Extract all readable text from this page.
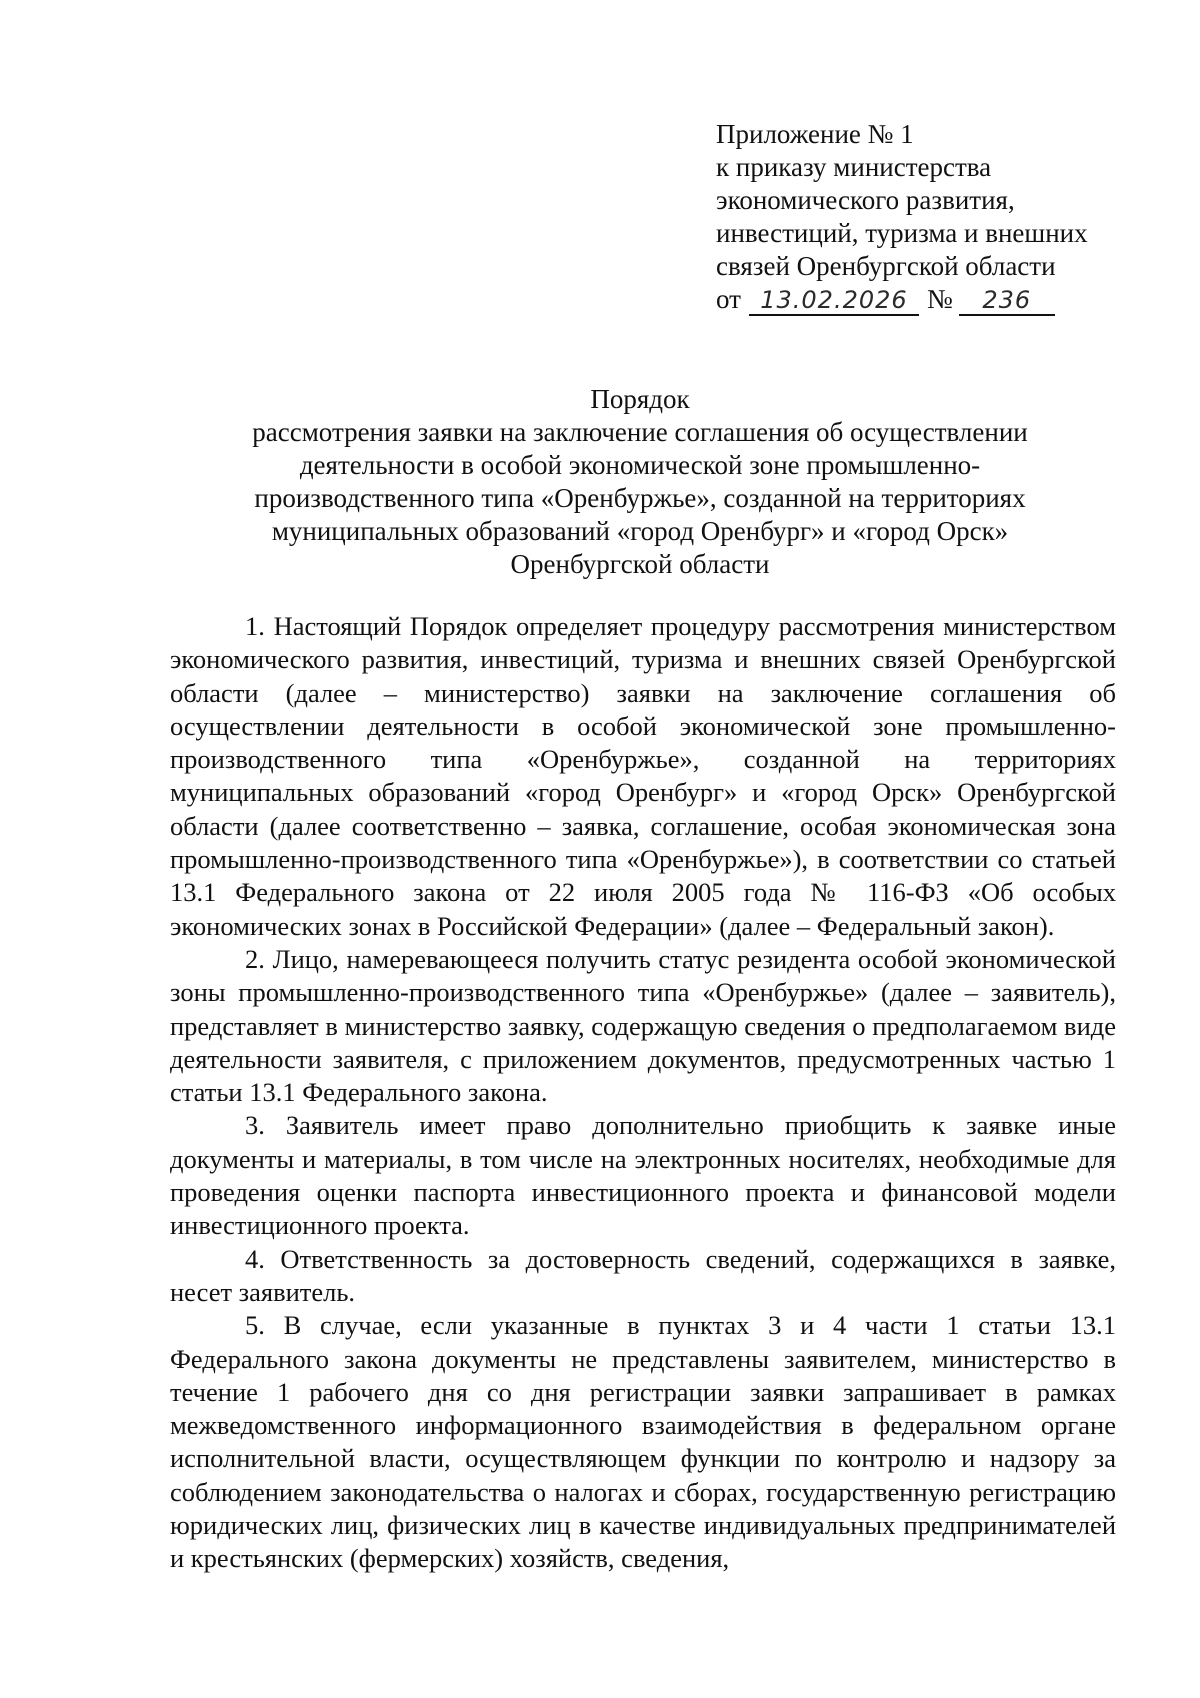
Приложение № 1
к приказу министерства
экономического развития,
инвестиций, туризма и внешних
связей Оренбургской области
от 13.02.2026 №	236
Порядок
рассмотрения заявки на заключение соглашения об осуществлении
деятельности в особой экономической зоне промышленно-
производственного типа «Оренбуржье», созданной на территориях
муниципальных образований «город Оренбург» и «город Орск»
Оренбургской области

1. Настоящий Порядок определяет процедуру рассмотрения министерством экономического развития, инвестиций, туризма и внешних связей Оренбургской области (далее – министерство) заявки на заключение соглашения об осуществлении деятельности в особой экономической зоне промышленно-производственного типа «Оренбуржье», созданной на территориях муниципальных образований «город Оренбург» и «город Орск» Оренбургской области (далее соответственно – заявка, соглашение, особая экономическая зона промышленно-производственного типа «Оренбуржье»), в соответствии со статьей 13.1 Федерального закона от 22 июля 2005 года № 116-ФЗ «Об особых экономических зонах в Российской Федерации» (далее – Федеральный закон).

2. Лицо, намеревающееся получить статус резидента особой экономической зоны промышленно-производственного типа «Оренбуржье» (далее – заявитель), представляет в министерство заявку, содержащую сведения о предполагаемом виде деятельности заявителя, с приложением документов, предусмотренных частью 1 статьи 13.1 Федерального закона.

3. Заявитель имеет право дополнительно приобщить к заявке иные документы и материалы, в том числе на электронных носителях, необходимые для проведения оценки паспорта инвестиционного проекта и финансовой модели инвестиционного проекта.

4. Ответственность за достоверность сведений, содержащихся в заявке, несет заявитель.

5. В случае, если указанные в пунктах 3 и 4 части 1 статьи 13.1 Федерального закона документы не представлены заявителем, министерство в течение 1 рабочего дня со дня регистрации заявки запрашивает в рамках межведомственного информационного взаимодействия в федеральном органе исполнительной власти, осуществляющем функции по контролю и надзору за соблюдением законодательства о налогах и сборах, государственную регистрацию юридических лиц, физических лиц в качестве индивидуальных предпринимателей и крестьянских (фермерских) хозяйств, сведения,
